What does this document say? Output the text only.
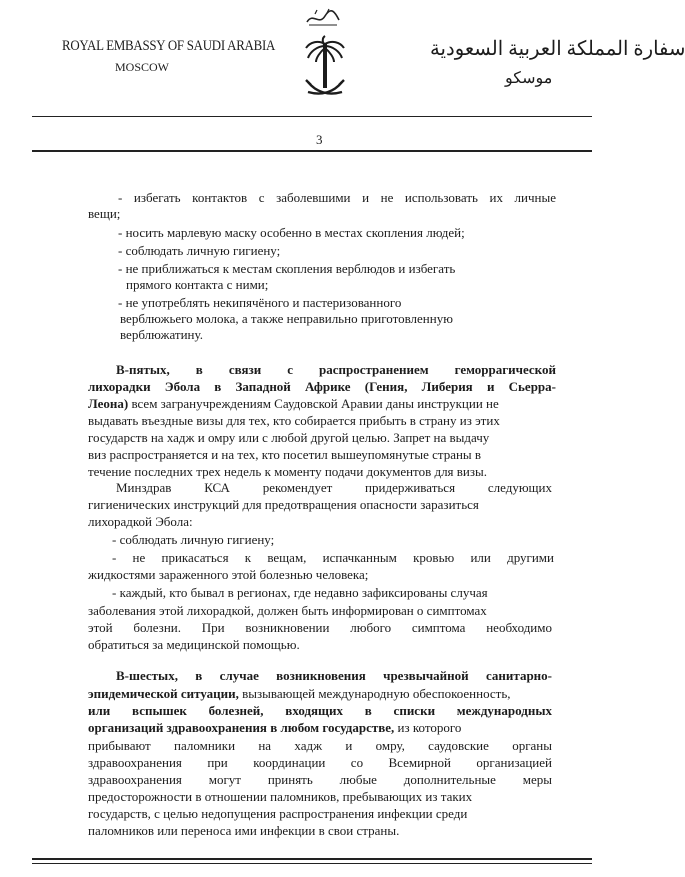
ROYAL EMBASSY OF SAUDI ARABIA
MOSCOW
سفارة المملكة العربية السعودية
موسكو
3
- избегать контактов с заболевшими и не использовать их личные
вещи;
- носить марлевую маску особенно в местах скопления людей;
- соблюдать личную гигиену;
- не приближаться к местам скопления верблюдов и избегать
прямого контакта с ними;
- не употреблять некипячёного и пастеризованного
верблюжьего молока, а также неправильно приготовленную
верблюжатину.
В-пятых, в связи с распространением геморрагической
лихорадки Эбола в Западной Африке (Гения, Либерия и Сьерра-
Леона) всем загранучреждениям Саудовской Аравии даны инструкции не
выдавать въездные визы для тех, кто собирается прибыть в страну из этих
государств на хадж и омру или с любой другой целью. Запрет на выдачу
виз распространяется и на тех, кто посетил вышеупомянутые страны в
течение последних трех недель к моменту подачи документов для визы.
Минздрав КСА рекомендует придерживаться следующих
гигиенических инструкций для предотвращения опасности заразиться
лихорадкой Эбола:
- соблюдать личную гигиену;
- не прикасаться к вещам, испачканным кровью или другими
жидкостями зараженного этой болезнью человека;
- каждый, кто бывал в регионах, где недавно зафиксированы случая
заболевания этой лихорадкой, должен быть информирован о симптомах
этой болезни. При возникновении любого симптома необходимо
обратиться за медицинской помощью.
В-шестых, в случае возникновения чрезвычайной санитарно-
эпидемической ситуации, вызывающей международную обеспокоенность,
или вспышек болезней, входящих в списки международных
организаций здравоохранения в любом государстве, из которого
прибывают паломники на хадж и омру, саудовские органы
здравоохранения при координации со Всемирной организацией
здравоохранения могут принять любые дополнительные меры
предосторожности в отношении паломников, пребывающих из таких
государств, с целью недопущения распространения инфекции среди
паломников или переноса ими инфекции в свои страны.
